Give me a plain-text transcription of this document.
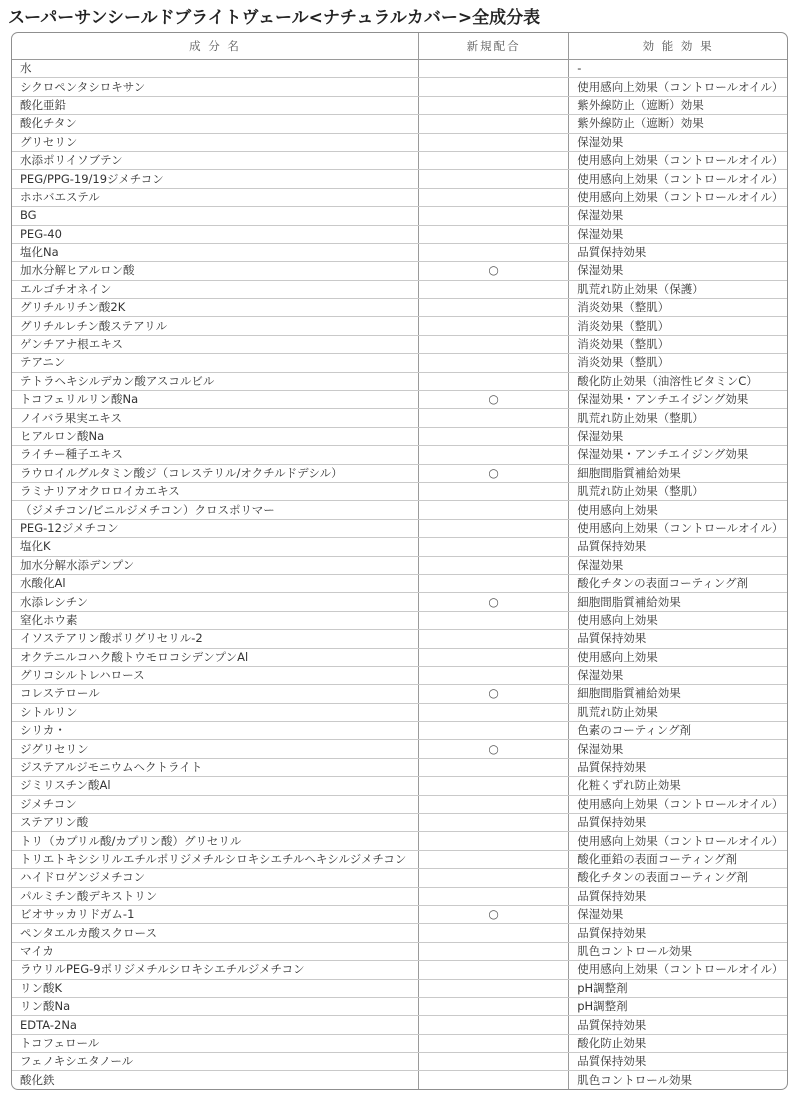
スーパーサンシールドブライトヴェール<ナチュラルカバー>全成分表
成 分 名	新規配合	効 能 効 果
水		-
シクロペンタシロキサン		使用感向上効果（コントロールオイル）
酸化亜鉛		紫外線防止（遮断）効果
酸化チタン		紫外線防止（遮断）効果
グリセリン		保湿効果
水添ポリイソブテン		使用感向上効果（コントロールオイル）
PEG/PPG-19/19ジメチコン		使用感向上効果（コントロールオイル）
ホホバエステル		使用感向上効果（コントロールオイル）
BG		保湿効果
PEG-40		保湿効果
塩化Na		品質保持効果
加水分解ヒアルロン酸	○	保湿効果
エルゴチオネイン		肌荒れ防止効果（保護）
グリチルリチン酸2K		消炎効果（整肌）
グリチルレチン酸ステアリル		消炎効果（整肌）
ゲンチアナ根エキス		消炎効果（整肌）
テアニン		消炎効果（整肌）
テトラヘキシルデカン酸アスコルビル		酸化防止効果（油溶性ビタミンC）
トコフェリルリン酸Na	○	保湿効果・アンチエイジング効果
ノイバラ果実エキス		肌荒れ防止効果（整肌）
ヒアルロン酸Na		保湿効果
ライチー種子エキス		保湿効果・アンチエイジング効果
ラウロイルグルタミン酸ジ（コレステリル/オクチルドデシル）	○	細胞間脂質補給効果
ラミナリアオクロロイカエキス		肌荒れ防止効果（整肌）
（ジメチコン/ビニルジメチコン）クロスポリマー		使用感向上効果
PEG-12ジメチコン		使用感向上効果（コントロールオイル）
塩化K		品質保持効果
加水分解水添デンプン		保湿効果
水酸化Al		酸化チタンの表面コーティング剤
水添レシチン	○	細胞間脂質補給効果
窒化ホウ素		使用感向上効果
イソステアリン酸ポリグリセリル-2		品質保持効果
オクテニルコハク酸トウモロコシデンプンAl		使用感向上効果
グリコシルトレハロース		保湿効果
コレステロール	○	細胞間脂質補給効果
シトルリン		肌荒れ防止効果
シリカ・		色素のコーティング剤
ジグリセリン	○	保湿効果
ジステアルジモニウムヘクトライト		品質保持効果
ジミリスチン酸Al		化粧くずれ防止効果
ジメチコン		使用感向上効果（コントロールオイル）
ステアリン酸		品質保持効果
トリ（カプリル酸/カプリン酸）グリセリル		使用感向上効果（コントロールオイル）
トリエトキシシリルエチルポリジメチルシロキシエチルヘキシルジメチコン		酸化亜鉛の表面コーティング剤
ハイドロゲンジメチコン		酸化チタンの表面コーティング剤
パルミチン酸デキストリン		品質保持効果
ビオサッカリドガム-1	○	保湿効果
ペンタエルカ酸スクロース		品質保持効果
マイカ		肌色コントロール効果
ラウリルPEG-9ポリジメチルシロキシエチルジメチコン		使用感向上効果（コントロールオイル）
リン酸K		pH調整剤
リン酸Na		pH調整剤
EDTA-2Na		品質保持効果
トコフェロール		酸化防止効果
フェノキシエタノール		品質保持効果
酸化鉄		肌色コントロール効果
